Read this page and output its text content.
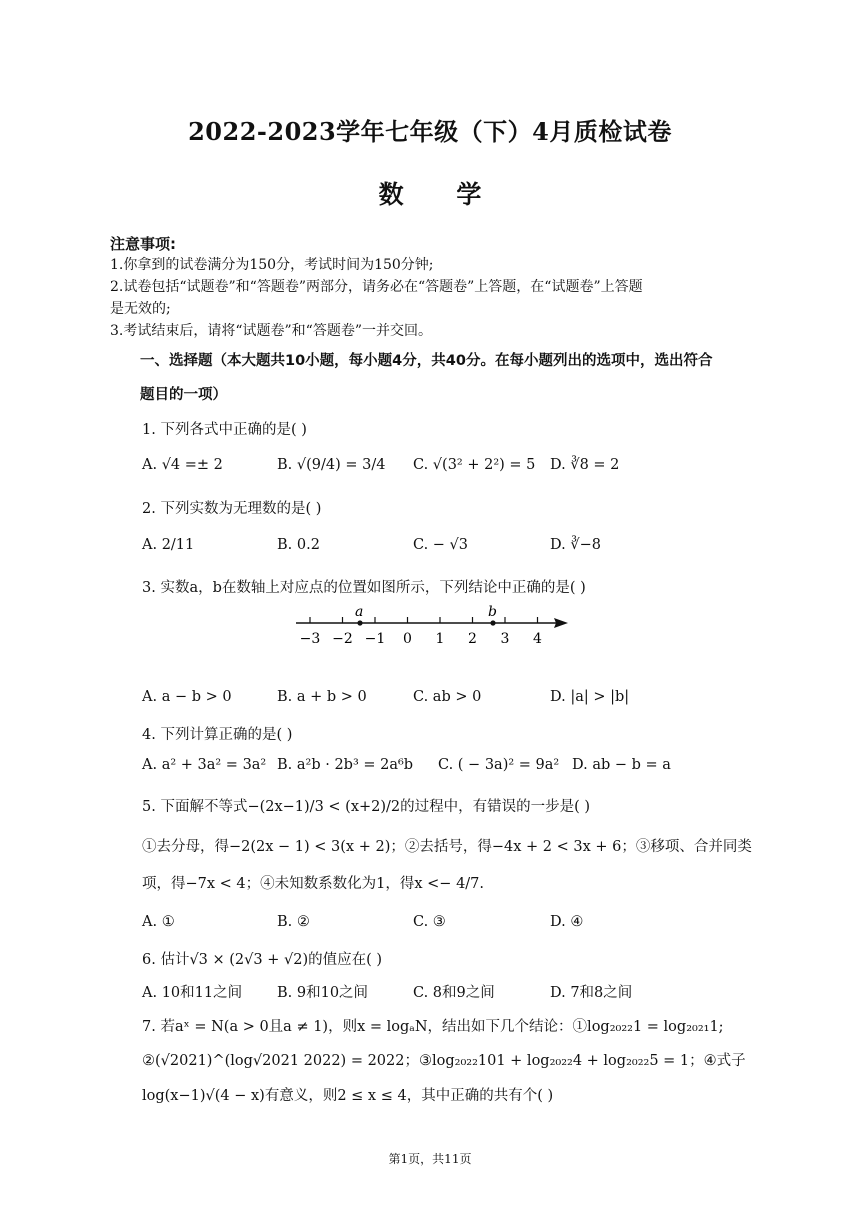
2022-2023学年七年级（下）4月质检试卷
数 学
注意事项:
1.你拿到的试卷满分为150分，考试时间为150分钟;
2.试卷包括“试题卷”和“答题卷”两部分，请务必在“答题卷”上答题，在“试题卷”上答题
是无效的;
3.考试结束后，请将“试题卷”和“答题卷”一并交回。
一、选择题（本大题共10小题，每小题4分，共40分。在每小题列出的选项中，选出符合
题目的一项）
1. 下列各式中正确的是( )
A. √4 =± 2	B. √(9/4) = 3/4 C. √(3² + 2²) = 5 D. ∛8 = 2
2. 下列实数为无理数的是( )
A. 2/11	B. 0.2	C. − √3	D. ∛−8
3. 实数a，b在数轴上对应点的位置如图所示，下列结论中正确的是( )
−3 −2 −1 0 1 2 3 4
a	b
A. a − b > 0	B. a + b > 0	C. ab > 0	D. |a| > |b|
4. 下列计算正确的是( )
A. a² + 3a² = 3a² B. a²b · 2b³ = 2a⁶b C. ( − 3a)² = 9a² D. ab − b = a
5. 下面解不等式−(2x−1)/3 < (x+2)/2的过程中，有错误的一步是( )
①去分母，得−2(2x − 1) < 3(x + 2)；②去括号，得−4x + 2 < 3x + 6；③移项、合并同类
项，得−7x < 4；④未知数系数化为1，得x <− 4/7.
A. ①	B. ②	C. ③	D. ④
6. 估计√3 × (2√3 + √2)的值应在( )
A. 10和11之间 B. 9和10之间	C. 8和9之间	D. 7和8之间
7. 若aˣ = N(a > 0且a ≠ 1)，则x = logₐN，结出如下几个结论：①log₂₀₂₂1 = log₂₀₂₁1;
②(√2021)^(log√2021 2022) = 2022；③log₂₀₂₂101 + log₂₀₂₂4 + log₂₀₂₂5 = 1；④式子
log(x−1)√(4 − x)有意义，则2 ≤ x ≤ 4，其中正确的共有个( )
第1页，共11页
